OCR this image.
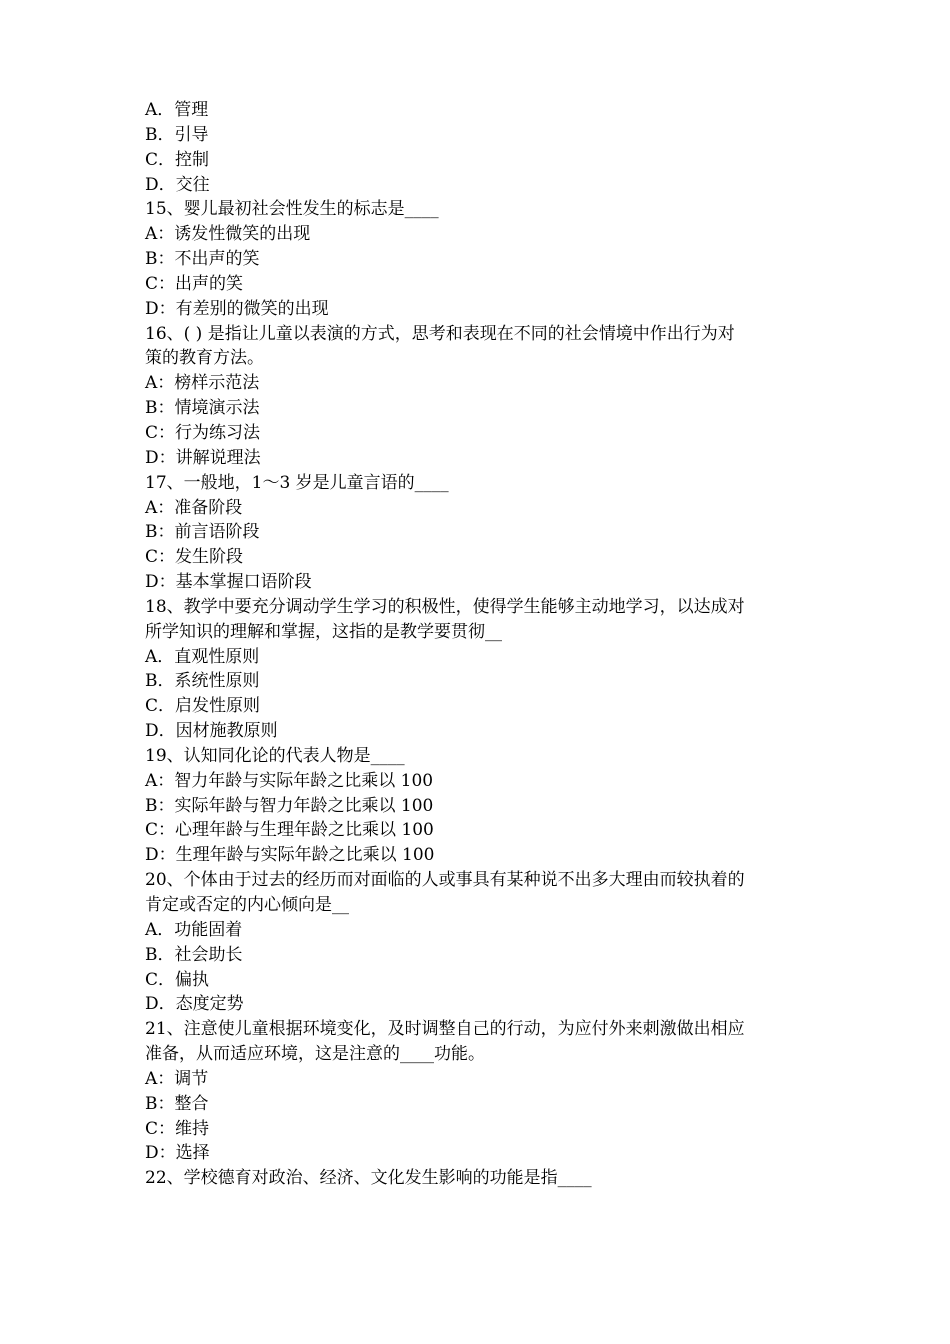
A．管理
B．引导
C．控制
D．交往
15、婴儿最初社会性发生的标志是____
A：诱发性微笑的出现
B：不出声的笑
C：出声的笑
D：有差别的微笑的出现
16、( ) 是指让儿童以表演的方式，思考和表现在不同的社会情境中作出行为对
策的教育方法。
A：榜样示范法
B：情境演示法
C：行为练习法
D：讲解说理法
17、一般地，1～3 岁是儿童言语的____
A：准备阶段
B：前言语阶段
C：发生阶段
D：基本掌握口语阶段
18、教学中要充分调动学生学习的积极性，使得学生能够主动地学习，以达成对
所学知识的理解和掌握，这指的是教学要贯彻__
A．直观性原则
B．系统性原则
C．启发性原则
D．因材施教原则
19、认知同化论的代表人物是____
A：智力年龄与实际年龄之比乘以 100
B：实际年龄与智力年龄之比乘以 100
C：心理年龄与生理年龄之比乘以 100
D：生理年龄与实际年龄之比乘以 100
20、个体由于过去的经历而对面临的人或事具有某种说不出多大理由而较执着的
肯定或否定的内心倾向是__
A．功能固着
B．社会助长
C．偏执
D．态度定势
21、注意使儿童根据环境变化，及时调整自己的行动，为应付外来刺激做出相应
准备，从而适应环境，这是注意的____功能。
A：调节
B：整合
C：维持
D：选择
22、学校德育对政治、经济、文化发生影响的功能是指____
